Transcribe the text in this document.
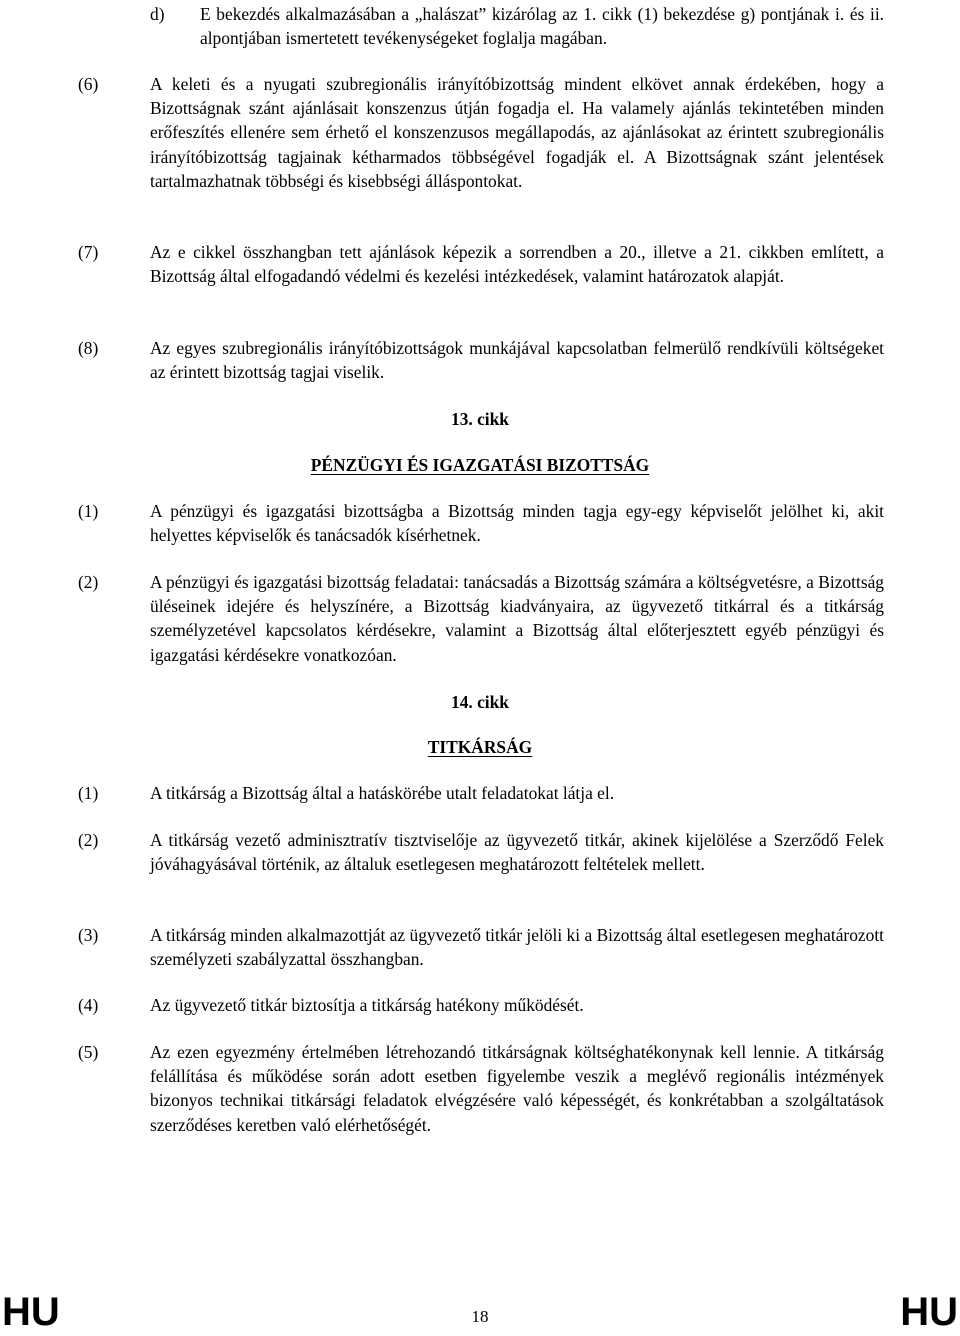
d) E bekezdés alkalmazásában a „halászat” kizárólag az 1. cikk (1) bekezdése g) pontjának i. és ii. alpontjában ismertetett tevékenységeket foglalja magában.
(6)	A keleti és a nyugati szubregionális irányítóbizottság mindent elkövet annak érdekében, hogy a Bizottságnak szánt ajánlásait konszenzus útján fogadja el. Ha valamely ajánlás tekintetében minden erőfeszítés ellenére sem érhető el konszenzusos megállapodás, az ajánlásokat az érintett szubregionális irányítóbizottság tagjainak kétharmados többségével fogadják el. A Bizottságnak szánt jelentések tartalmazhatnak többségi és kisebbségi álláspontokat.
(7)	Az e cikkel összhangban tett ajánlások képezik a sorrendben a 20., illetve a 21. cikkben említett, a Bizottság által elfogadandó védelmi és kezelési intézkedések, valamint határozatok alapját.
(8)	Az egyes szubregionális irányítóbizottságok munkájával kapcsolatban felmerülő rendkívüli költségeket az érintett bizottság tagjai viselik.
13. cikk
PÉNZÜGYI ÉS IGAZGATÁSI BIZOTTSÁG
(1)	A pénzügyi és igazgatási bizottságba a Bizottság minden tagja egy-egy képviselőt jelölhet ki, akit helyettes képviselők és tanácsadók kísérhetnek.
(2)	A pénzügyi és igazgatási bizottság feladatai: tanácsadás a Bizottság számára a költségvetésre, a Bizottság üléseinek idejére és helyszínére, a Bizottság kiadványaira, az ügyvezető titkárral és a titkárság személyzetével kapcsolatos kérdésekre, valamint a Bizottság által előterjesztett egyéb pénzügyi és igazgatási kérdésekre vonatkozóan.
14. cikk
TITKÁRSÁG
(1)	A titkárság a Bizottság által a hatáskörébe utalt feladatokat látja el.
(2)	A titkárság vezető adminisztratív tisztviselője az ügyvezető titkár, akinek kijelölése a Szerződő Felek jóváhagyásával történik, az általuk esetlegesen meghatározott feltételek mellett.
(3)	A titkárság minden alkalmazottját az ügyvezető titkár jelöli ki a Bizottság által esetlegesen meghatározott személyzeti szabályzattal összhangban.
(4)	Az ügyvezető titkár biztosítja a titkárság hatékony működését.
(5)	Az ezen egyezmény értelmében létrehozandó titkárságnak költséghatékonynak kell lennie. A titkárság felállítása és működése során adott esetben figyelembe veszik a meglévő regionális intézmények bizonyos technikai titkársági feladatok elvégzésére való képességét, és konkrétabban a szolgáltatások szerződéses keretben való elérhetőségét.
HU	18	HU
